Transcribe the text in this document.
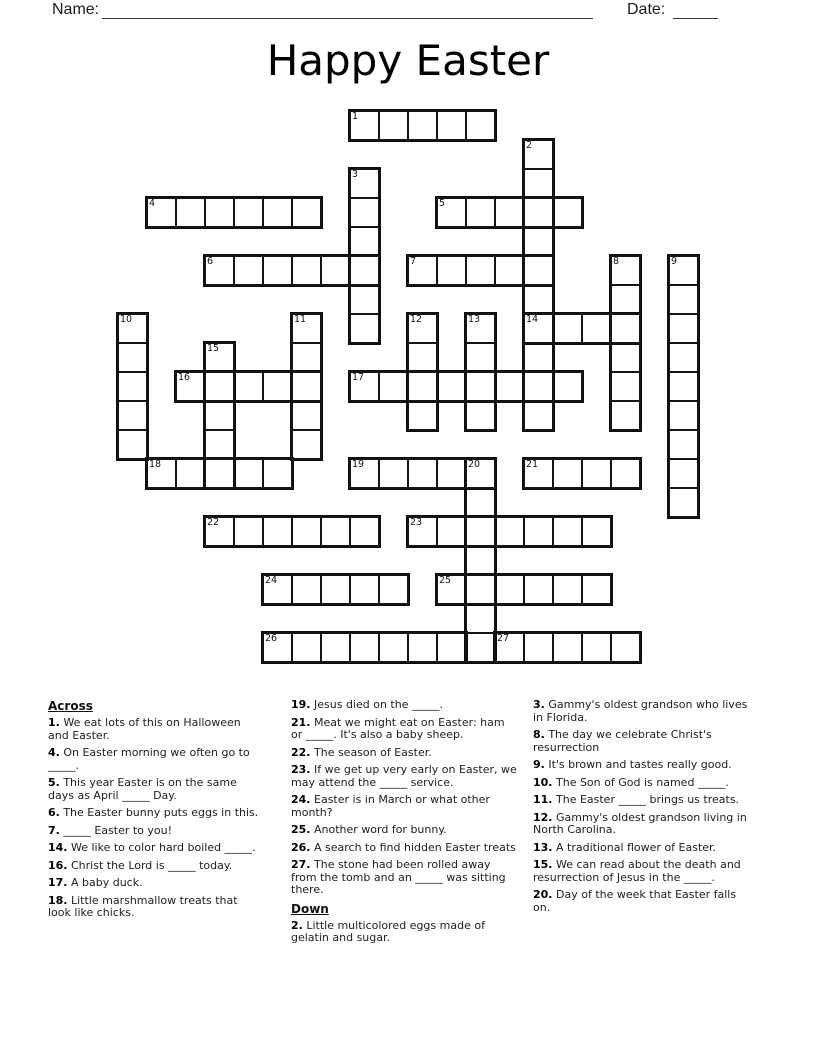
Name:	Date:
Happy Easter
1
2
3
4	5
6	7	8	9
10	11	12	13	14
15
16	17
18	19	20	21
22	23
24	25
26	27
Across
1. We eat lots of this on Halloween and Easter.
4. On Easter morning we often go to _____.
5. This year Easter is on the same days as April _____ Day.
6. The Easter bunny puts eggs in this.
7. _____ Easter to you!
14. We like to color hard boiled _____.
16. Christ the Lord is _____ today.
17. A baby duck.
18. Little marshmallow treats that look like chicks.
19. Jesus died on the _____.
21. Meat we might eat on Easter: ham or _____. It's also a baby sheep.
22. The season of Easter.
23. If we get up very early on Easter, we may attend the _____ service.
24. Easter is in March or what other month?
25. Another word for bunny.
26. A search to find hidden Easter treats
27. The stone had been rolled away from the tomb and an _____ was sitting there.
Down
2. Little multicolored eggs made of gelatin and sugar.
3. Gammy's oldest grandson who lives in Florida.
8. The day we celebrate Christ's resurrection
9. It's brown and tastes really good.
10. The Son of God is named _____.
11. The Easter _____ brings us treats.
12. Gammy's oldest grandson living in North Carolina.
13. A traditional flower of Easter.
15. We can read about the death and resurrection of Jesus in the _____.
20. Day of the week that Easter falls on.
